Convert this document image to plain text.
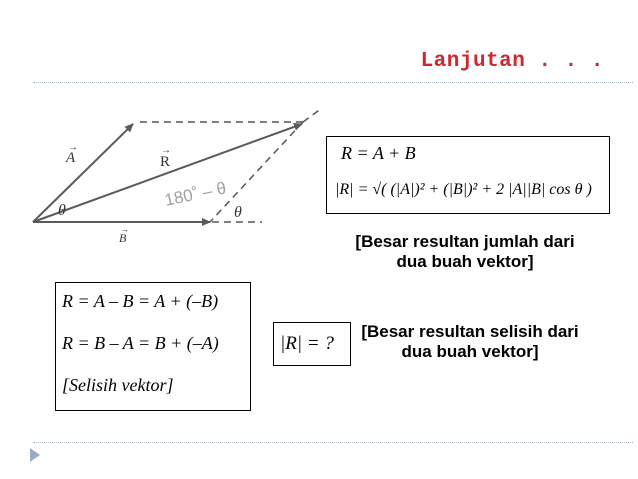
Lanjutan . . .
A
→
R
→
B
→
θ	θ
180˚ – θ
R = A + B
|R| = √( (|A|)² + (|B|)² + 2 |A||B| cos θ )
[Besar resultan jumlah dari dua buah vektor]
R = A – B = A + (–B)
R = B – A = B + (–A)
[Selisih vektor]
|R| = ?
[Besar resultan selisih dari dua buah vektor]
